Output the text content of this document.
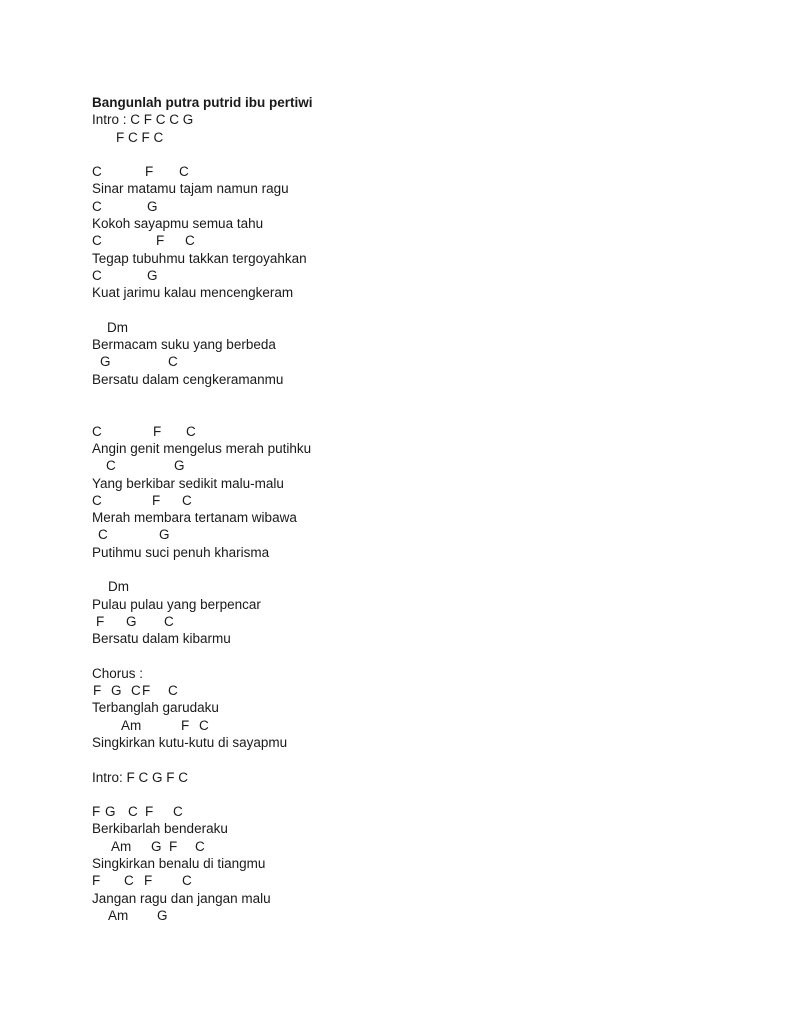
Bangunlah putra putrid ibu pertiwi
Intro : C F C C G
F C F C
C	F C
Sinar matamu tajam namun ragu
C	G
Kokoh sayapmu semua tahu
C	F C
Tegap tubuhmu takkan tergoyahkan
C	G
Kuat jarimu kalau mencengkeram
Dm
Bermacam suku yang berbeda
G	C
Bersatu dalam cengkeramanmu
C	F C
Angin genit mengelus merah putihku
C	G
Yang berkibar sedikit malu-malu
C	F C
Merah membara tertanam wibawa
C	G
Putihmu suci penuh kharisma
Dm
Pulau pulau yang berpencar
F G C
Bersatu dalam kibarmu
Chorus :
F G C F C
Terbanglah garudaku
Am	F C
Singkirkan kutu-kutu di sayapmu
Intro: F C G F C
F G C F C
Berkibarlah benderaku
Am G F C
Singkirkan benalu di tiangmu
F C F C
Jangan ragu dan jangan malu
Am G
